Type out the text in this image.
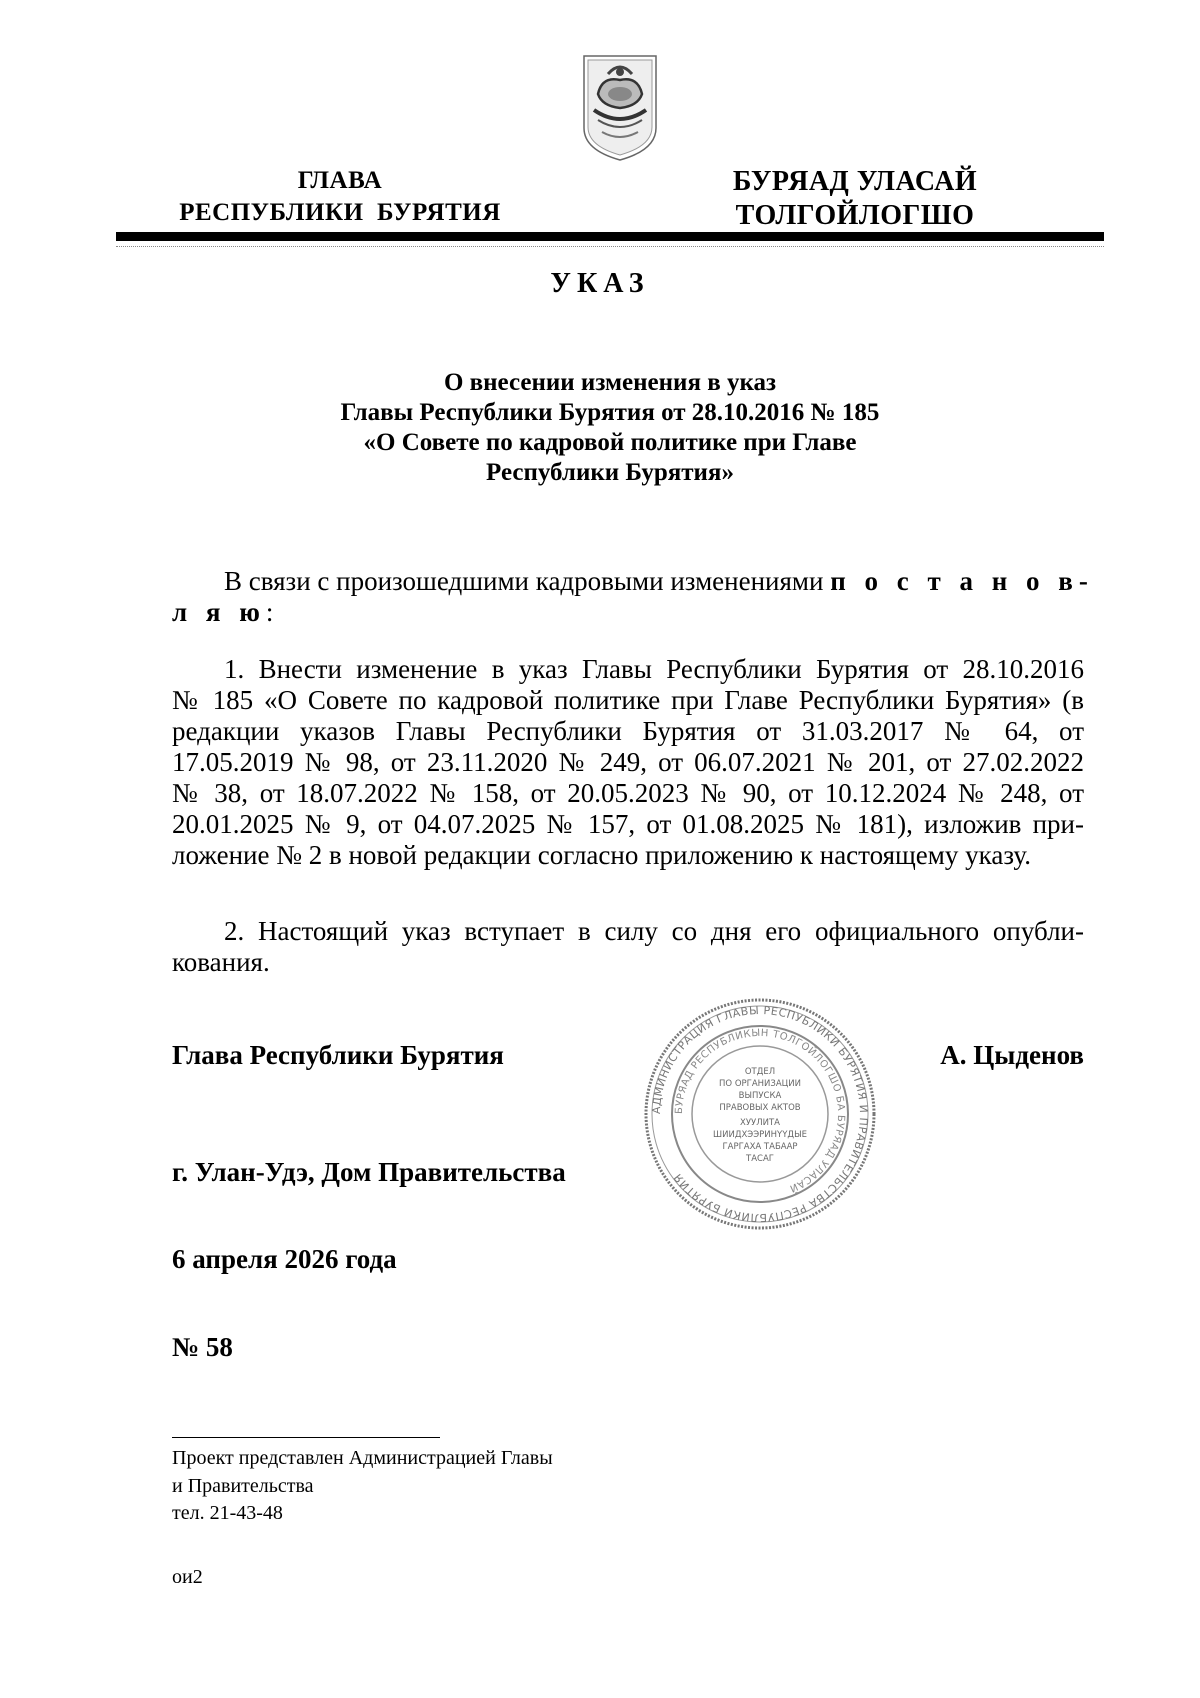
ГЛАВА
РЕСПУБЛИКИ  БУРЯТИЯ
БУРЯАД УЛАСАЙ
ТОЛГОЙЛОГШО
УКАЗ
О внесении изменения в указ
Главы Республики Бурятия от 28.10.2016 № 185
«О Совете по кадровой политике при Главе
Республики Бурятия»
В связи с произошедшими кадровыми изменениями п о с т а н о в-
л я ю:
1. Внести изменение в указ Главы Республики Бурятия от 28.10.2016
№ 185 «О Совете по кадровой политике при Главе Республики Бурятия» (в
редакции указов Главы Республики Бурятия от 31.03.2017 № 64, от
17.05.2019 № 98, от 23.11.2020 № 249, от 06.07.2021 № 201, от 27.02.2022
№ 38, от 18.07.2022 № 158, от 20.05.2023 № 90, от 10.12.2024 № 248, от
20.01.2025 № 9, от 04.07.2025 № 157, от 01.08.2025 № 181), изложив при-
ложение № 2 в новой редакции согласно приложению к настоящему указу.
2. Настоящий указ вступает в силу со дня его официального опубли-
кования.
АДМИНИСТРАЦИЯ ГЛАВЫ РЕСПУБЛИКИ БУРЯТИЯ И ПРАВИТЕЛЬСТВА РЕСПУБЛИКИ БУРЯТИЯ
БУРЯАД РЕСПУБЛИКЫН ТОЛГОЙЛОГШО БА БУРЯАД УЛАСАЙ
ОТДЕЛ
ПО ОРГАНИЗАЦИИ
ВЫПУСКА
ПРАВОВЫХ АКТОВ
ХУУЛИТА
ШИИДХЭЭРИНҮҮДЫЕ
ГАРГАХА ТАБААР
ТАСАГ
Глава Республики Бурятия	А. Цыденов
г. Улан-Удэ, Дом Правительства
6 апреля 2026 года
№ 58
Проект представлен Администрацией Главы
и Правительства
тел. 21-43-48
ои2
